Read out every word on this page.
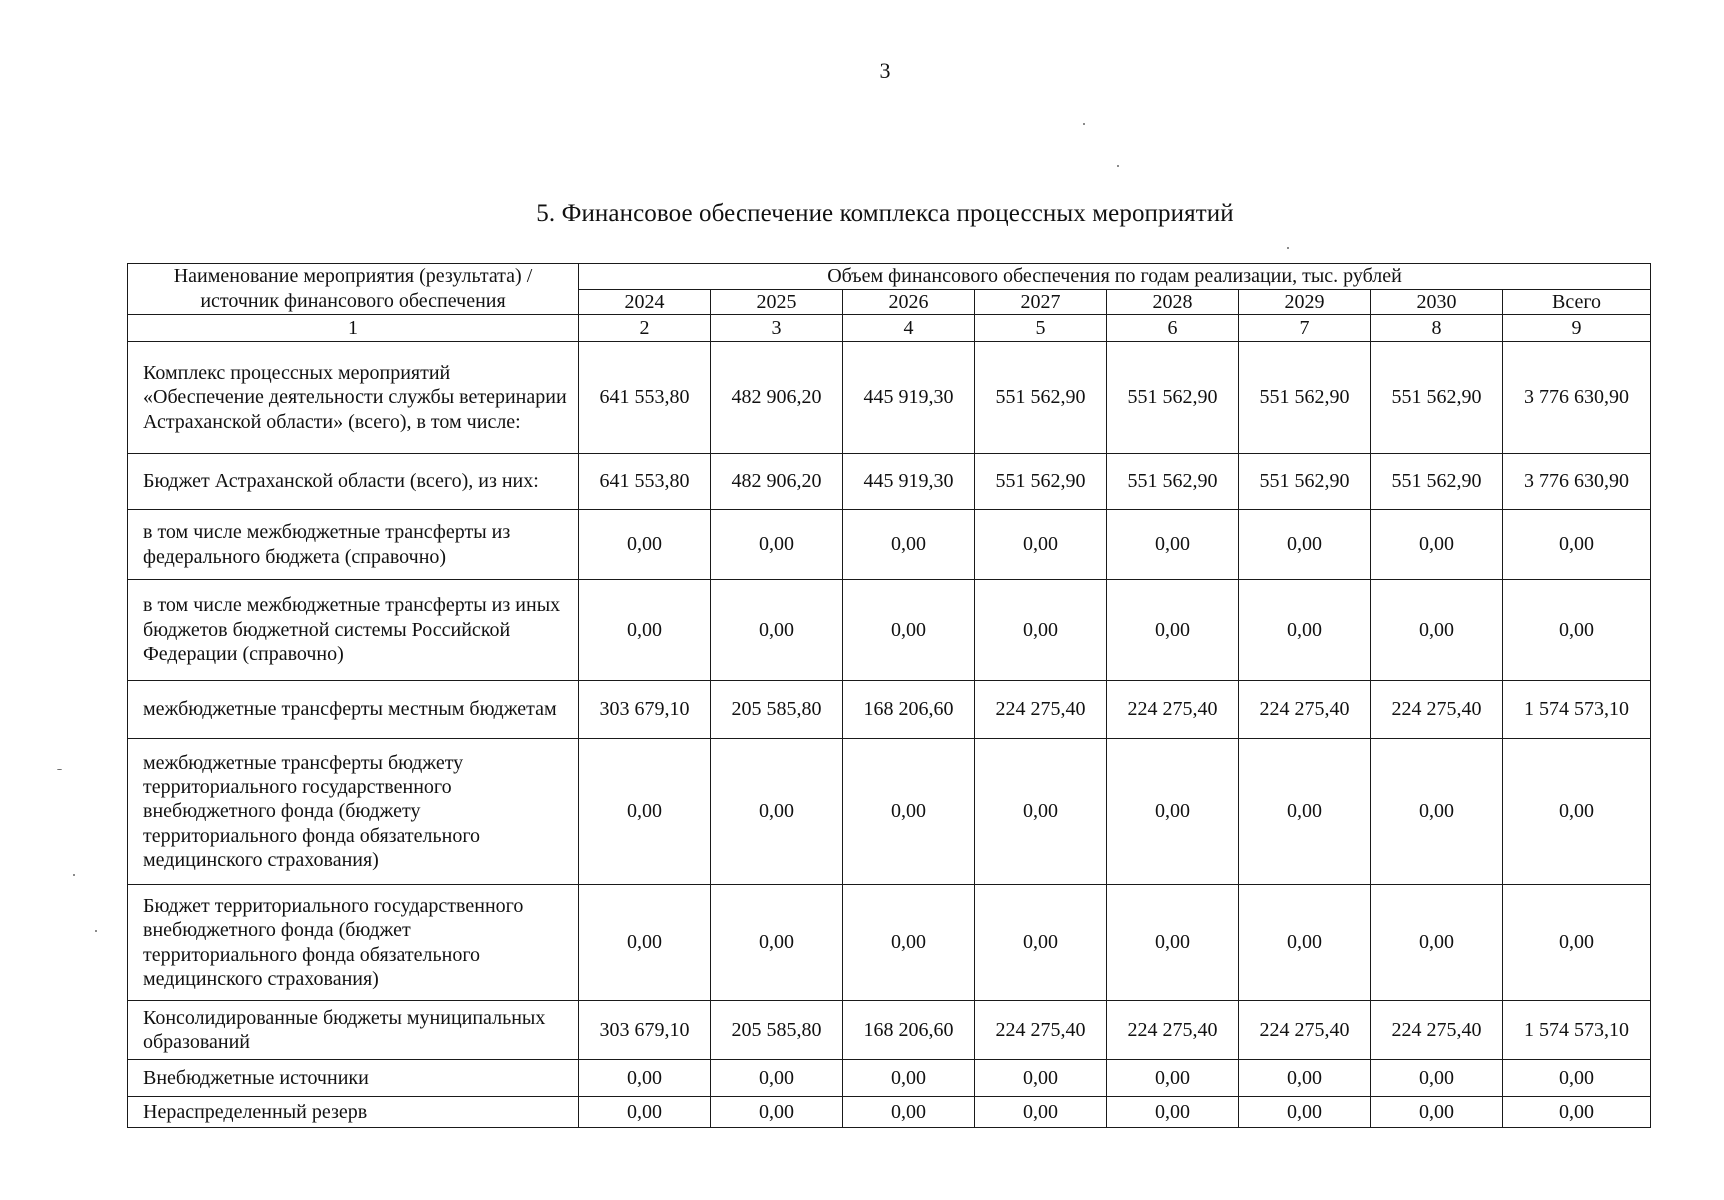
3
5. Финансовое обеспечение комплекса процессных мероприятий
Наименование мероприятия (результата) / источник финансового обеспечения	Объем финансового обеспечения по годам реализации, тыс. рублей							
	2024	2025	2026	2027	2028	2029	2030	Всего
1	2	3	4	5	6	7	8	9
Комплекс процессных мероприятий «Обеспечение деятельности службы ветеринарии Астраханской области» (всего), в том числе:	641 553,80	482 906,20	445 919,30	551 562,90	551 562,90	551 562,90	551 562,90	3 776 630,90
Бюджет Астраханской области (всего), из них:	641 553,80	482 906,20	445 919,30	551 562,90	551 562,90	551 562,90	551 562,90	3 776 630,90
в том числе межбюджетные трансферты из федерального бюджета (справочно)	0,00	0,00	0,00	0,00	0,00	0,00	0,00	0,00
в том числе межбюджетные трансферты из иных бюджетов бюджетной системы Российской Федерации (справочно)	0,00	0,00	0,00	0,00	0,00	0,00	0,00	0,00
межбюджетные трансферты местным бюджетам	303 679,10	205 585,80	168 206,60	224 275,40	224 275,40	224 275,40	224 275,40	1 574 573,10
межбюджетные трансферты бюджету территориального государственного внебюджетного фонда (бюджету территориального фонда обязательного медицинского страхования)	0,00	0,00	0,00	0,00	0,00	0,00	0,00	0,00
Бюджет территориального государственного внебюджетного фонда (бюджет территориального фонда обязательного медицинского страхования)	0,00	0,00	0,00	0,00	0,00	0,00	0,00	0,00
Консолидированные бюджеты муниципальных образований	303 679,10	205 585,80	168 206,60	224 275,40	224 275,40	224 275,40	224 275,40	1 574 573,10
Внебюджетные источники	0,00	0,00	0,00	0,00	0,00	0,00	0,00	0,00
Нераспределенный резерв	0,00	0,00	0,00	0,00	0,00	0,00	0,00	0,00
